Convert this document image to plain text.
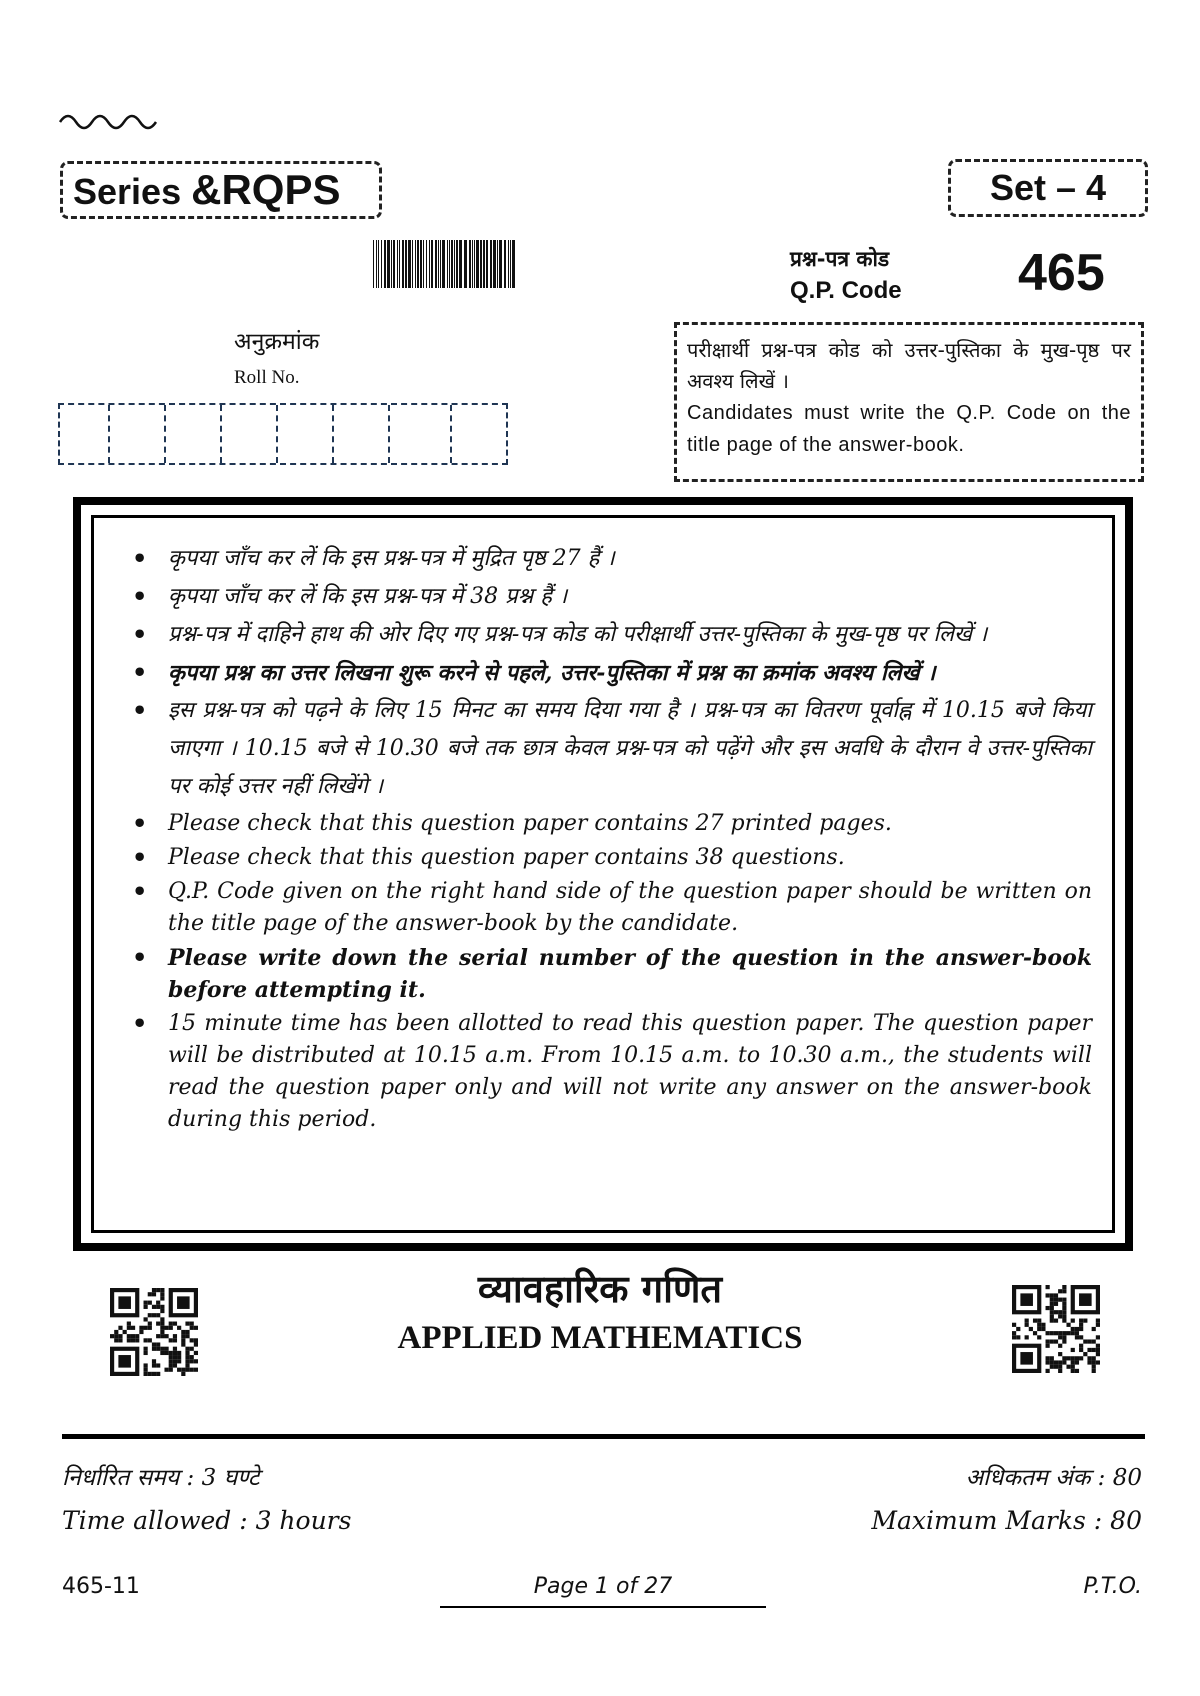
Series &RQPS	Set – 4
प्रश्न-पत्र कोड
Q.P. Code 465
अनुक्रमांक
Roll No.
परीक्षार्थी प्रश्न-पत्र कोड को उत्तर-पुस्तिका के मुख-पृष्ठ पर अवश्य लिखें ।
Candidates must write the Q.P. Code on the title page of the answer-book.
• कृपया जाँच कर लें कि इस प्रश्न-पत्र में मुद्रित पृष्ठ 27 हैं ।
• कृपया जाँच कर लें कि इस प्रश्न-पत्र में 38 प्रश्न हैं ।
• प्रश्न-पत्र में दाहिने हाथ की ओर दिए गए प्रश्न-पत्र कोड को परीक्षार्थी उत्तर-पुस्तिका के मुख-पृष्ठ पर लिखें ।
• कृपया प्रश्न का उत्तर लिखना शुरू करने से पहले, उत्तर-पुस्तिका में प्रश्न का क्रमांक अवश्य लिखें ।
• इस प्रश्न-पत्र को पढ़ने के लिए 15 मिनट का समय दिया गया है । प्रश्न-पत्र का वितरण पूर्वाह्न में 10.15 बजे किया जाएगा । 10.15 बजे से 10.30 बजे तक छात्र केवल प्रश्न-पत्र को पढ़ेंगे और इस अवधि के दौरान वे उत्तर-पुस्तिका पर कोई उत्तर नहीं लिखेंगे ।
• Please check that this question paper contains 27 printed pages.
• Please check that this question paper contains 38 questions.
• Q.P. Code given on the right hand side of the question paper should be written on the title page of the answer-book by the candidate.
• Please write down the serial number of the question in the answer-book before attempting it.
• 15 minute time has been allotted to read this question paper. The question paper will be distributed at 10.15 a.m. From 10.15 a.m. to 10.30 a.m., the students will read the question paper only and will not write any answer on the answer-book during this period.
व्यावहारिक गणित
APPLIED MATHEMATICS
निर्धारित समय : 3 घण्टे	अधिकतम अंक : 80
Time allowed : 3 hours	Maximum Marks : 80
465-11	Page 1 of 27	P.T.O.
